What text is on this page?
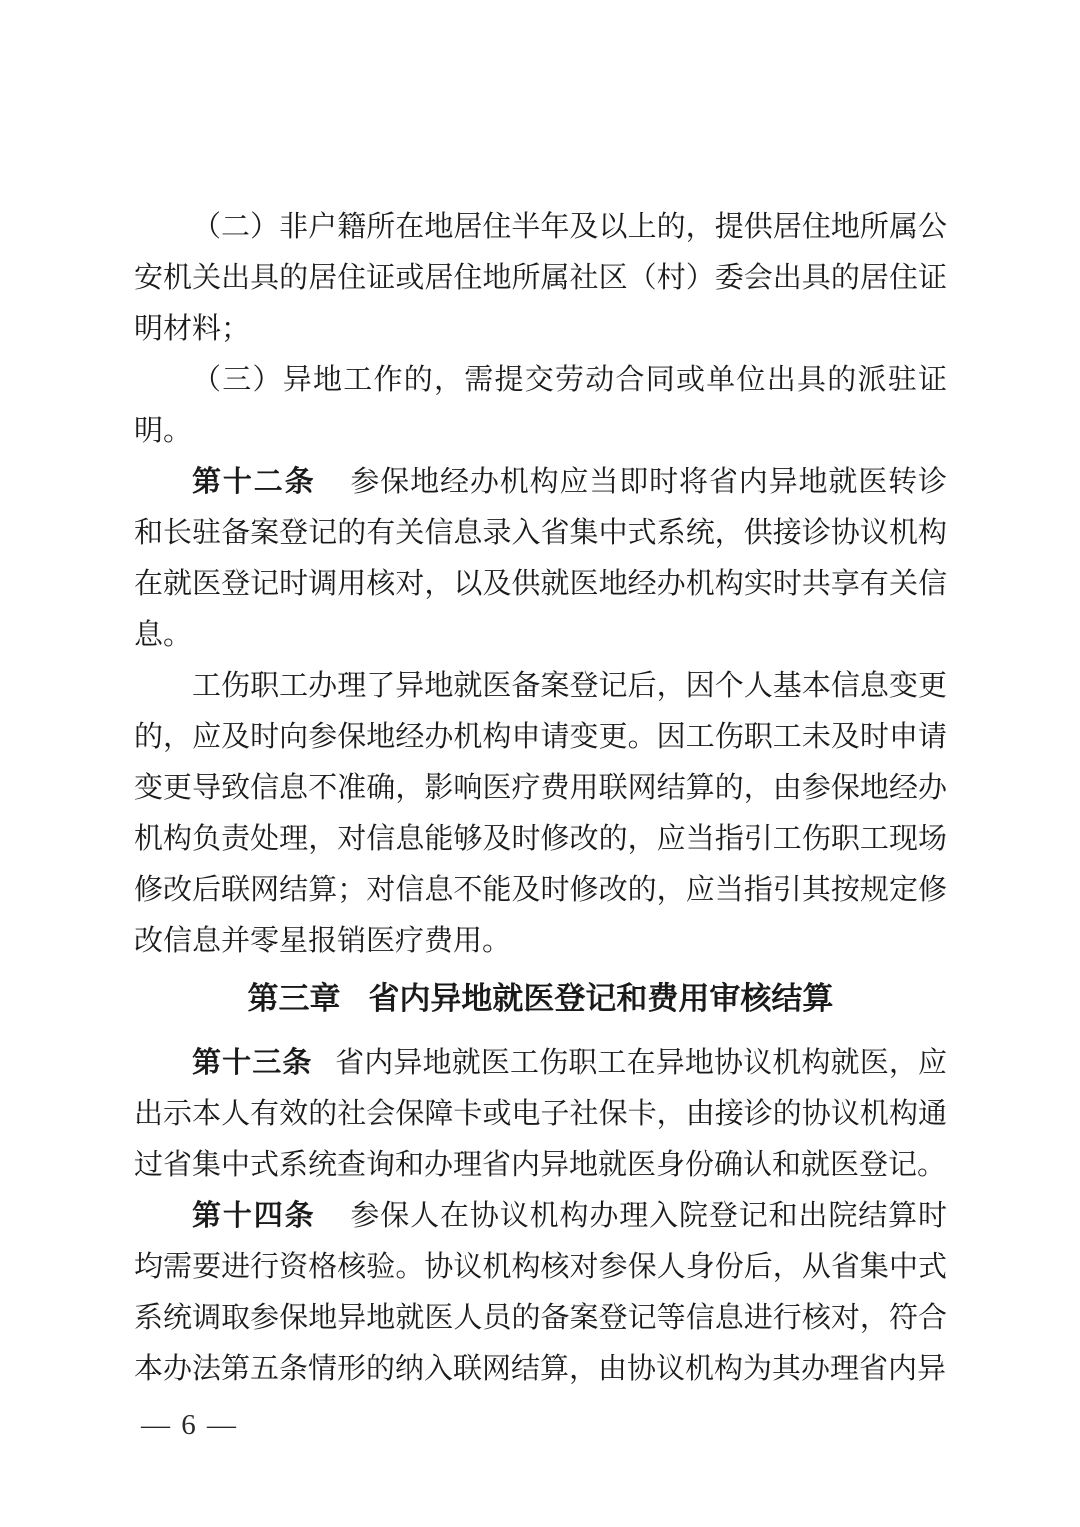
（二）非户籍所在地居住半年及以上的，提供居住地所属公安机关出具的居住证或居住地所属社区（村）委会出具的居住证明材料；

（三）异地工作的，需提交劳动合同或单位出具的派驻证明。

第十二条 参保地经办机构应当即时将省内异地就医转诊和长驻备案登记的有关信息录入省集中式系统，供接诊协议机构在就医登记时调用核对，以及供就医地经办机构实时共享有关信息。

工伤职工办理了异地就医备案登记后，因个人基本信息变更的，应及时向参保地经办机构申请变更。因工伤职工未及时申请变更导致信息不准确，影响医疗费用联网结算的，由参保地经办机构负责处理，对信息能够及时修改的，应当指引工伤职工现场修改后联网结算；对信息不能及时修改的，应当指引其按规定修改信息并零星报销医疗费用。

第三章 省内异地就医登记和费用审核结算

第十三条 省内异地就医工伤职工在异地协议机构就医，应出示本人有效的社会保障卡或电子社保卡，由接诊的协议机构通过省集中式系统查询和办理省内异地就医身份确认和就医登记。

第十四条 参保人在协议机构办理入院登记和出院结算时均需要进行资格核验。协议机构核对参保人身份后，从省集中式系统调取参保地异地就医人员的备案登记等信息进行核对，符合本办法第五条情形的纳入联网结算，由协议机构为其办理省内异

— 6 —
